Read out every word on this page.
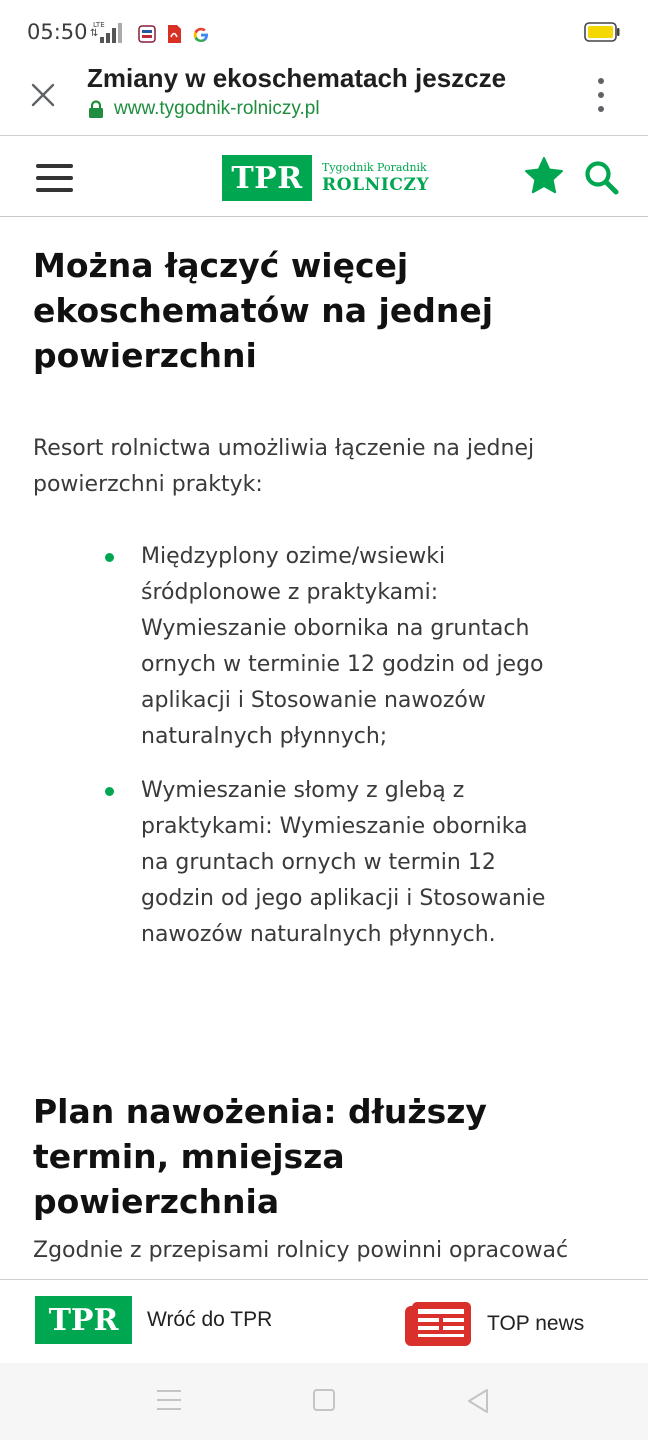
05:50 LTE
⇅
Zmiany w ekoschematach jeszcze
www.tygodnik-rolniczy.pl
TPR	Tygodnik Poradnik
ROLNICZY
Można łączyć więcej ekoschematów na jednej powierzchni

Resort rolnictwa umożliwia łączenie na jednej powierzchni praktyk:

Międzyplony ozime/wsiewki śródplonowe z praktykami: Wymieszanie obornika na gruntach ornych w terminie 12 godzin od jego aplikacji i Stosowanie nawozów naturalnych płynnych;
Wymieszanie słomy z glebą z praktykami: Wymieszanie obornika na gruntach ornych w termin 12 godzin od jego aplikacji i Stosowanie nawozów naturalnych płynnych.
Plan nawożenia: dłuższy termin, mniejsza powierzchnia

Zgodnie z przepisami rolnicy powinni opracować

TPR	Wróć do TPR	TOP news
